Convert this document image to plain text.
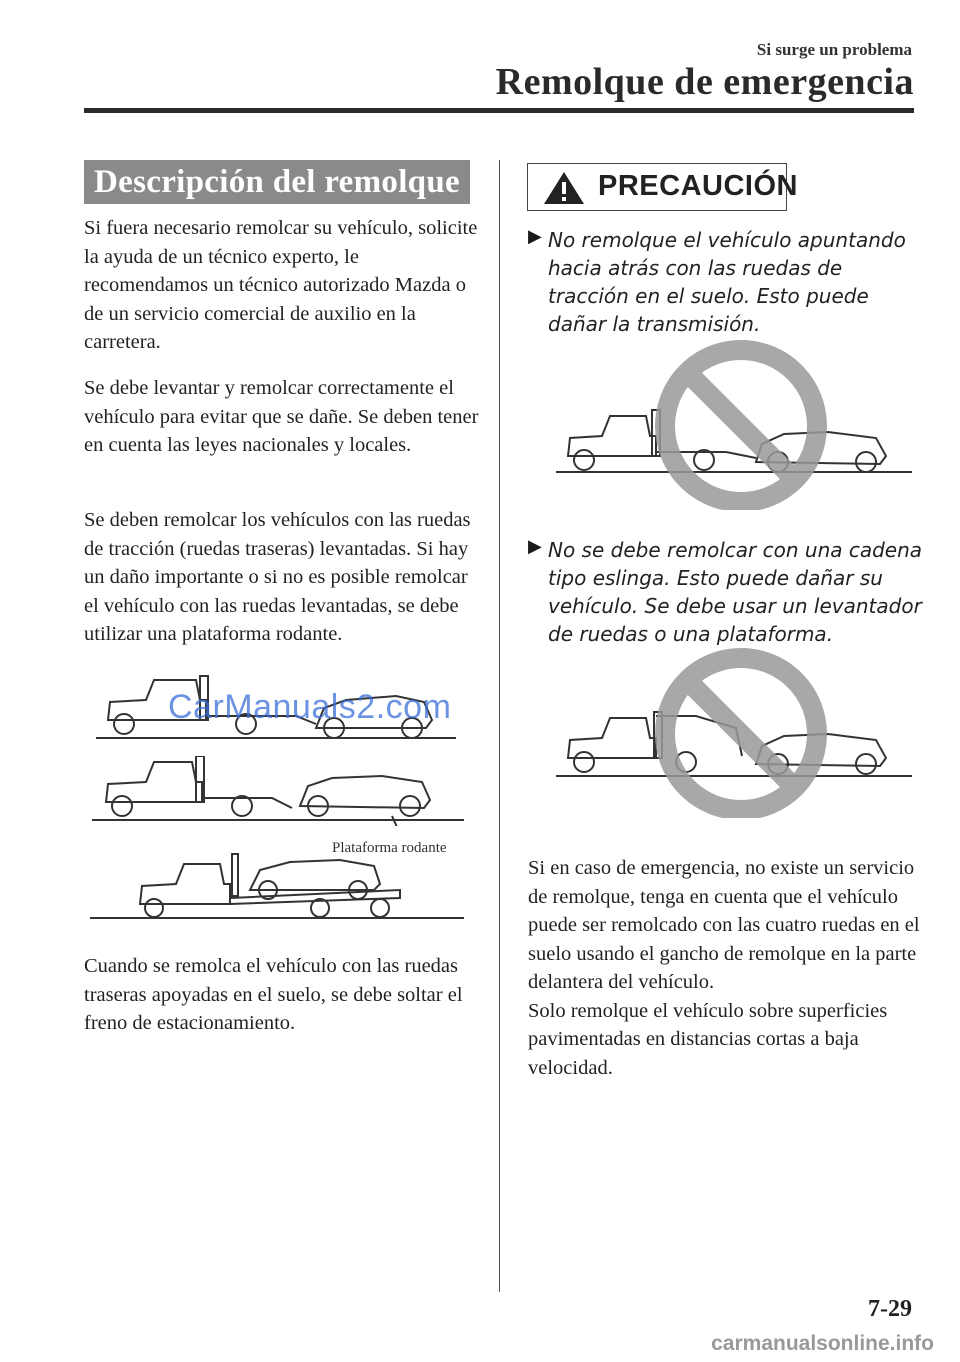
Si surge un problema
Remolque de emergencia
Descripción del remolque

Si fuera necesario remolcar su vehículo, solicite la ayuda de un técnico experto, le recomendamos un técnico autorizado Mazda o de un servicio comercial de auxilio en la carretera.

Se debe levantar y remolcar correctamente el vehículo para evitar que se dañe. Se deben tener en cuenta las leyes nacionales y locales.

Se deben remolcar los vehículos con las ruedas de tracción (ruedas traseras) levantadas. Si hay un daño importante o si no es posible remolcar el vehículo con las ruedas levantadas, se debe utilizar una plataforma rodante.

Plataforma rodante
CarManuals2.com

Cuando se remolca el vehículo con las ruedas traseras apoyadas en el suelo, se debe soltar el freno de estacionamiento.

PRECAUCIÓN
▶ No remolque el vehículo apuntando hacia atrás con las ruedas de tracción en el suelo. Esto puede dañar la transmisión.

▶ No se debe remolcar con una cadena tipo eslinga. Esto puede dañar su vehículo. Se debe usar un levantador de ruedas o una plataforma.

Si en caso de emergencia, no existe un servicio de remolque, tenga en cuenta que el vehículo puede ser remolcado con las cuatro ruedas en el suelo usando el gancho de remolque en la parte delantera del vehículo.
Solo remolque el vehículo sobre superficies pavimentadas en distancias cortas a baja velocidad.

7-29
carmanualsonline.info
